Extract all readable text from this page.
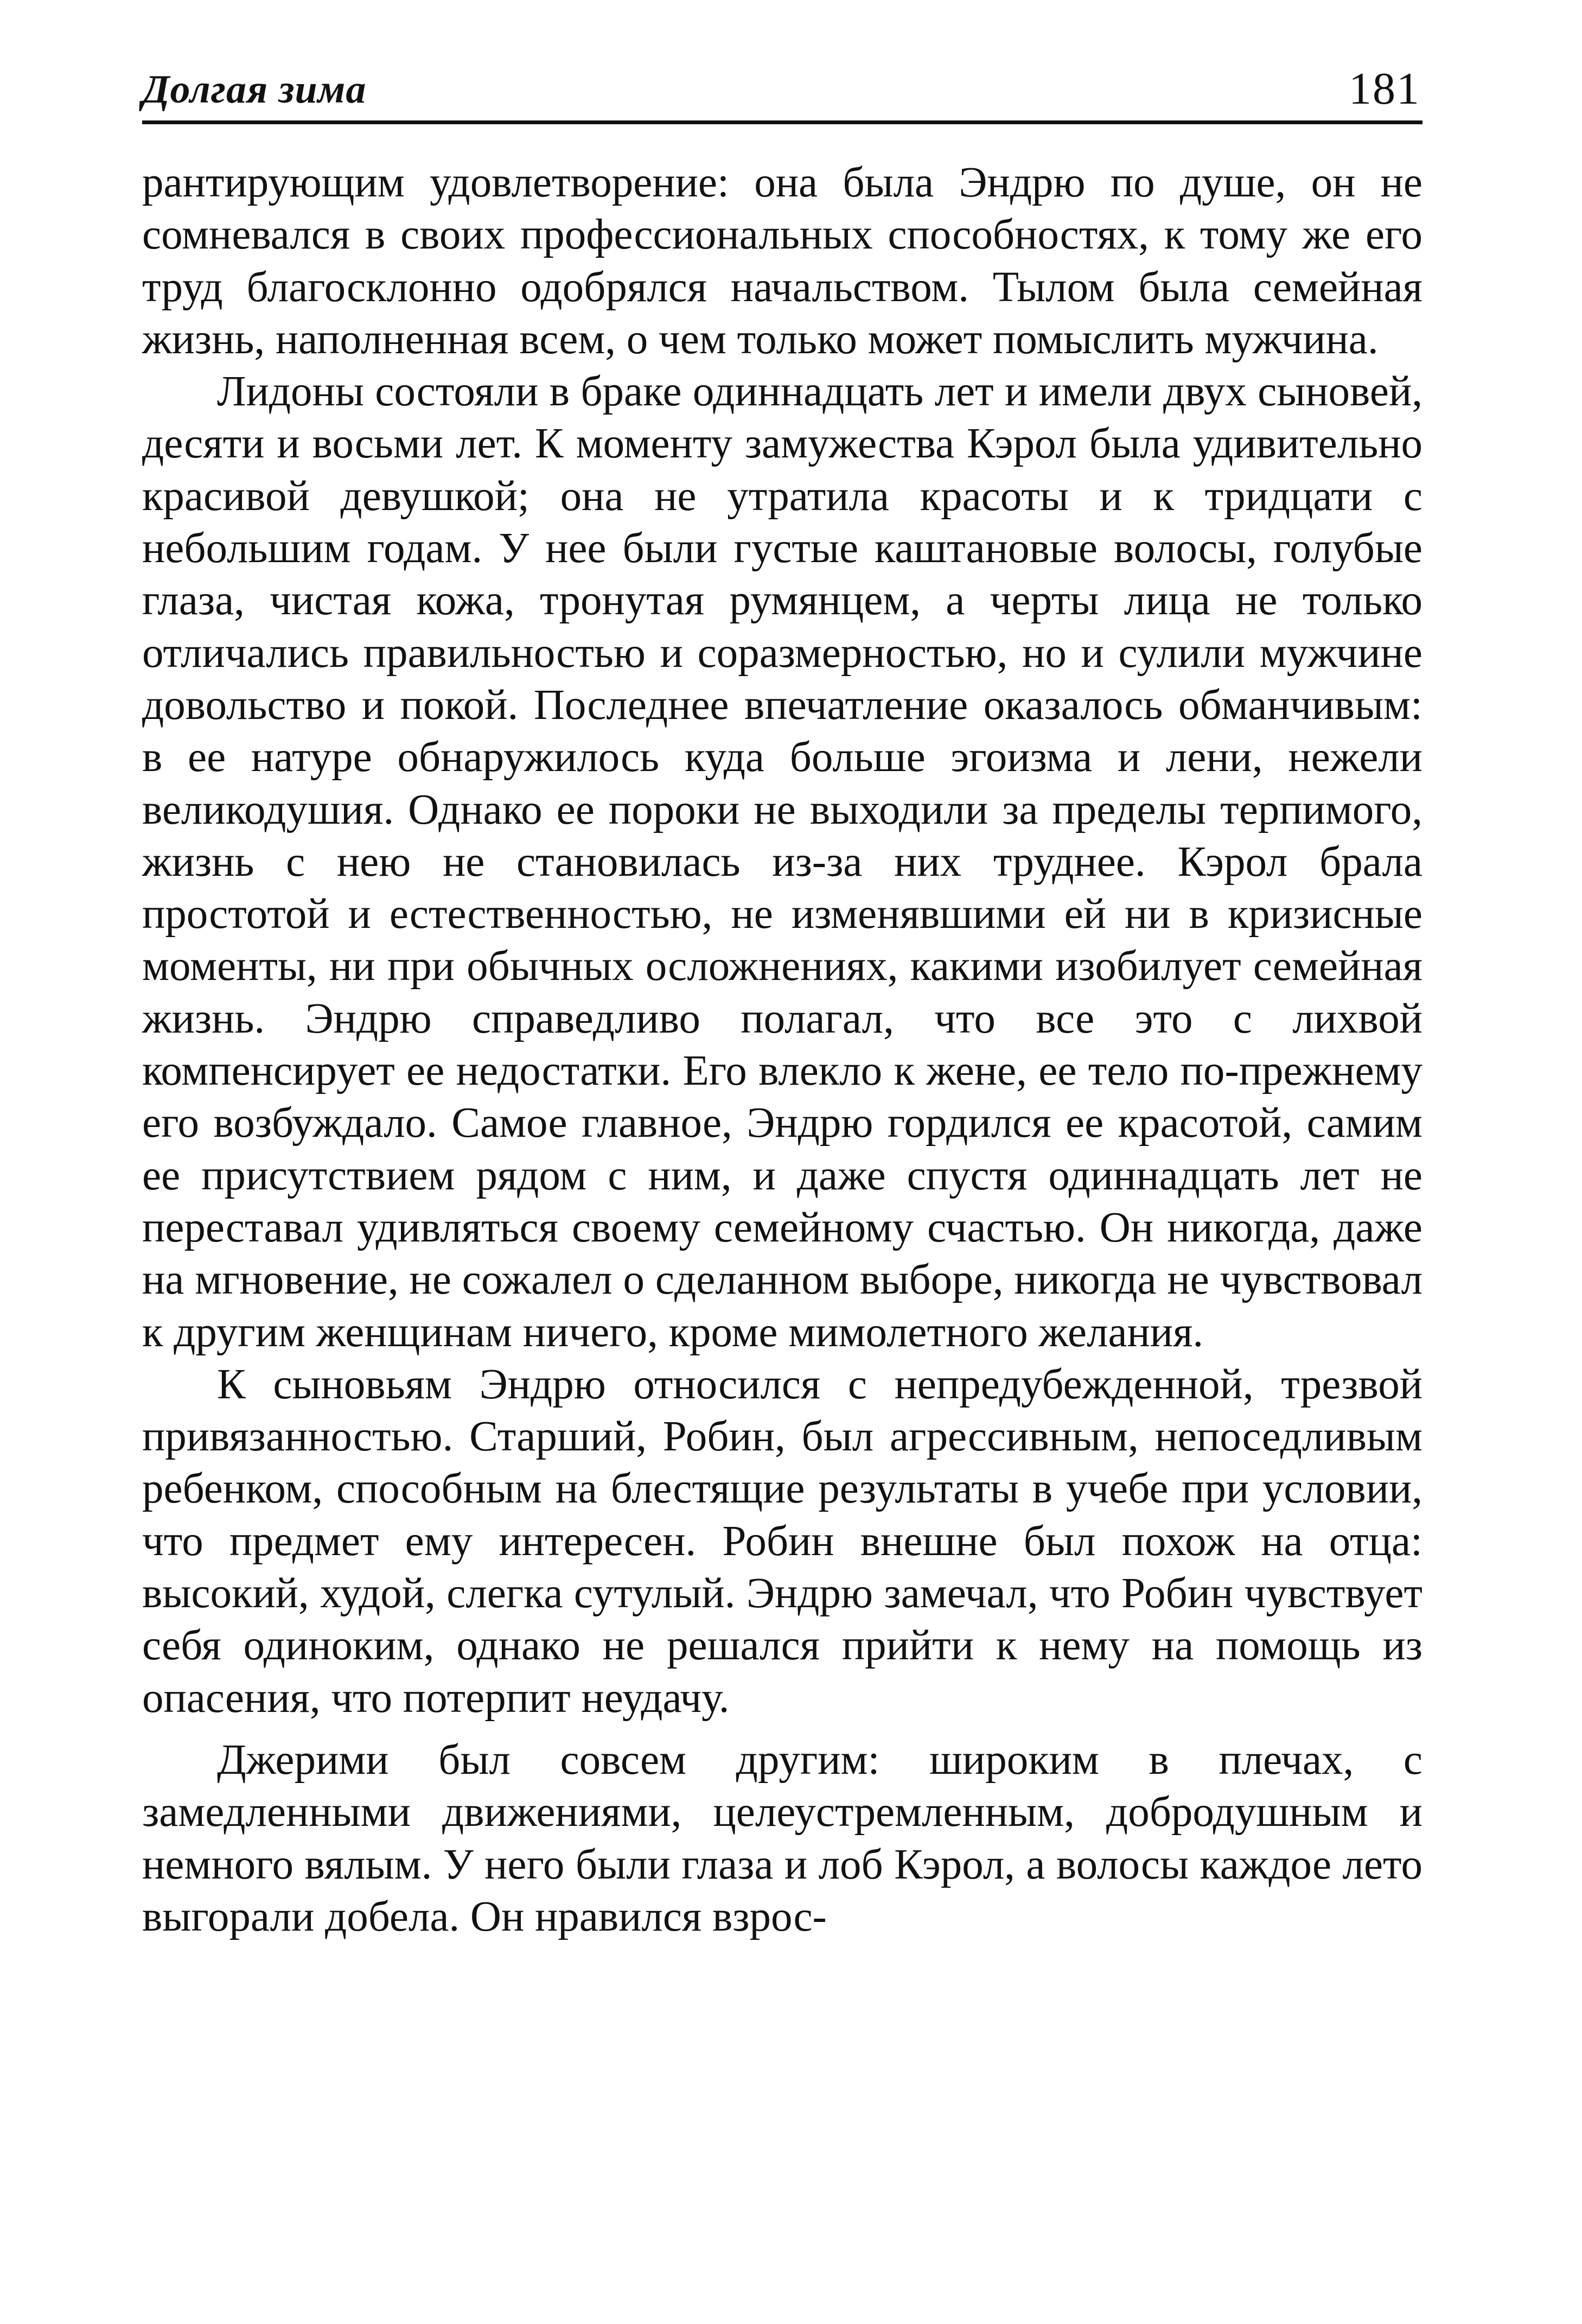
Долгая зима	181

рантирующим удовлетворение: она была Эндрю по душе, он не сомневался в своих профессиональных способностях, к тому же его труд благосклонно одобрялся начальством. Тылом была семейная жизнь, наполненная всем, о чем только может помыслить мужчина.

Лидоны состояли в браке одиннадцать лет и имели двух сыновей, десяти и восьми лет. К моменту замужества Кэрол была удивительно красивой девушкой; она не утратила красоты и к тридцати с небольшим годам. У нее были густые каштановые волосы, голубые глаза, чистая кожа, тронутая румянцем, а черты лица не только отличались правильностью и соразмерностью, но и сулили мужчине довольство и покой. Последнее впечатление оказалось обманчивым: в ее натуре обнаружилось куда больше эгоизма и лени, нежели великодушия. Однако ее пороки не выходили за пределы терпимого, жизнь с нею не становилась из-за них труднее. Кэрол брала простотой и естественностью, не изменявшими ей ни в кризисные моменты, ни при обычных осложнениях, какими изобилует семейная жизнь. Эндрю справедливо полагал, что все это с лихвой компенсирует ее недостатки. Его влекло к жене, ее тело по-прежнему его возбуждало. Самое главное, Эндрю гордился ее красотой, самим ее присутствием рядом с ним, и даже спустя одиннадцать лет не переставал удивляться своему семейному счастью. Он никогда, даже на мгновение, не сожалел о сделанном выборе, никогда не чувствовал к другим женщинам ничего, кроме мимолетного желания.

К сыновьям Эндрю относился с непредубежденной, трезвой привязанностью. Старший, Робин, был агрессивным, непоседливым ребенком, способным на блестящие результаты в учебе при условии, что предмет ему интересен. Робин внешне был похож на отца: высокий, худой, слегка сутулый. Эндрю замечал, что Робин чувствует себя одиноким, однако не решался прийти к нему на помощь из опасения, что потерпит неудачу.

Джерими был совсем другим: широким в плечах, с замедленными движениями, целеустремленным, добродушным и немного вялым. У него были глаза и лоб Кэрол, а волосы каждое лето выгорали добела. Он нравился взрос-
